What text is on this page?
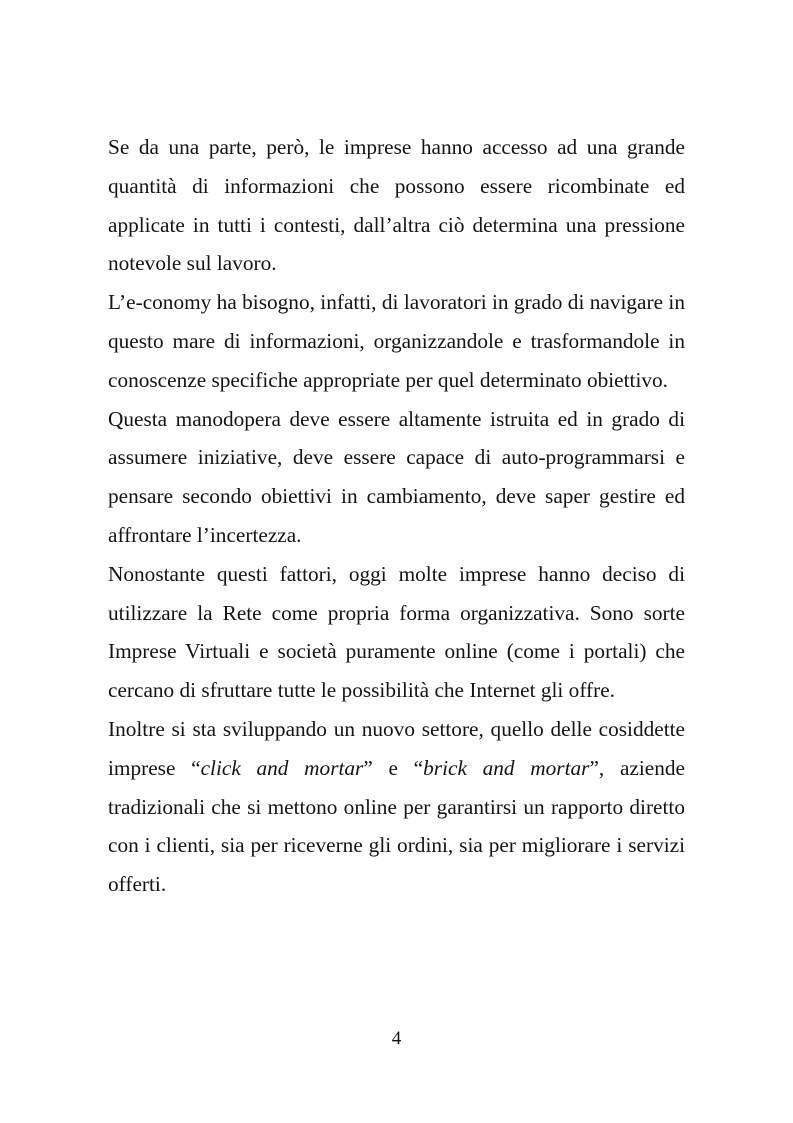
Se da una parte, però, le imprese hanno accesso ad una grande quantità di informazioni che possono essere ricombinate ed applicate in tutti i contesti, dall’altra ciò determina una pressione notevole sul lavoro.

L’e-conomy ha bisogno, infatti, di lavoratori in grado di navigare in questo mare di informazioni, organizzandole e trasformandole in conoscenze specifiche appropriate per quel determinato obiettivo.

Questa manodopera deve essere altamente istruita ed in grado di assumere iniziative, deve essere capace di auto-programmarsi e pensare secondo obiettivi in cambiamento, deve saper gestire ed affrontare l’incertezza.

Nonostante questi fattori, oggi molte imprese hanno deciso di utilizzare la Rete come propria forma organizzativa. Sono sorte Imprese Virtuali e società puramente online (come i portali) che cercano di sfruttare tutte le possibilità che Internet gli offre.

Inoltre si sta sviluppando un nuovo settore, quello delle cosiddette imprese “click and mortar” e “brick and mortar”, aziende tradizionali che si mettono online per garantirsi un rapporto diretto con i clienti, sia per riceverne gli ordini, sia per migliorare i servizi offerti.

4
